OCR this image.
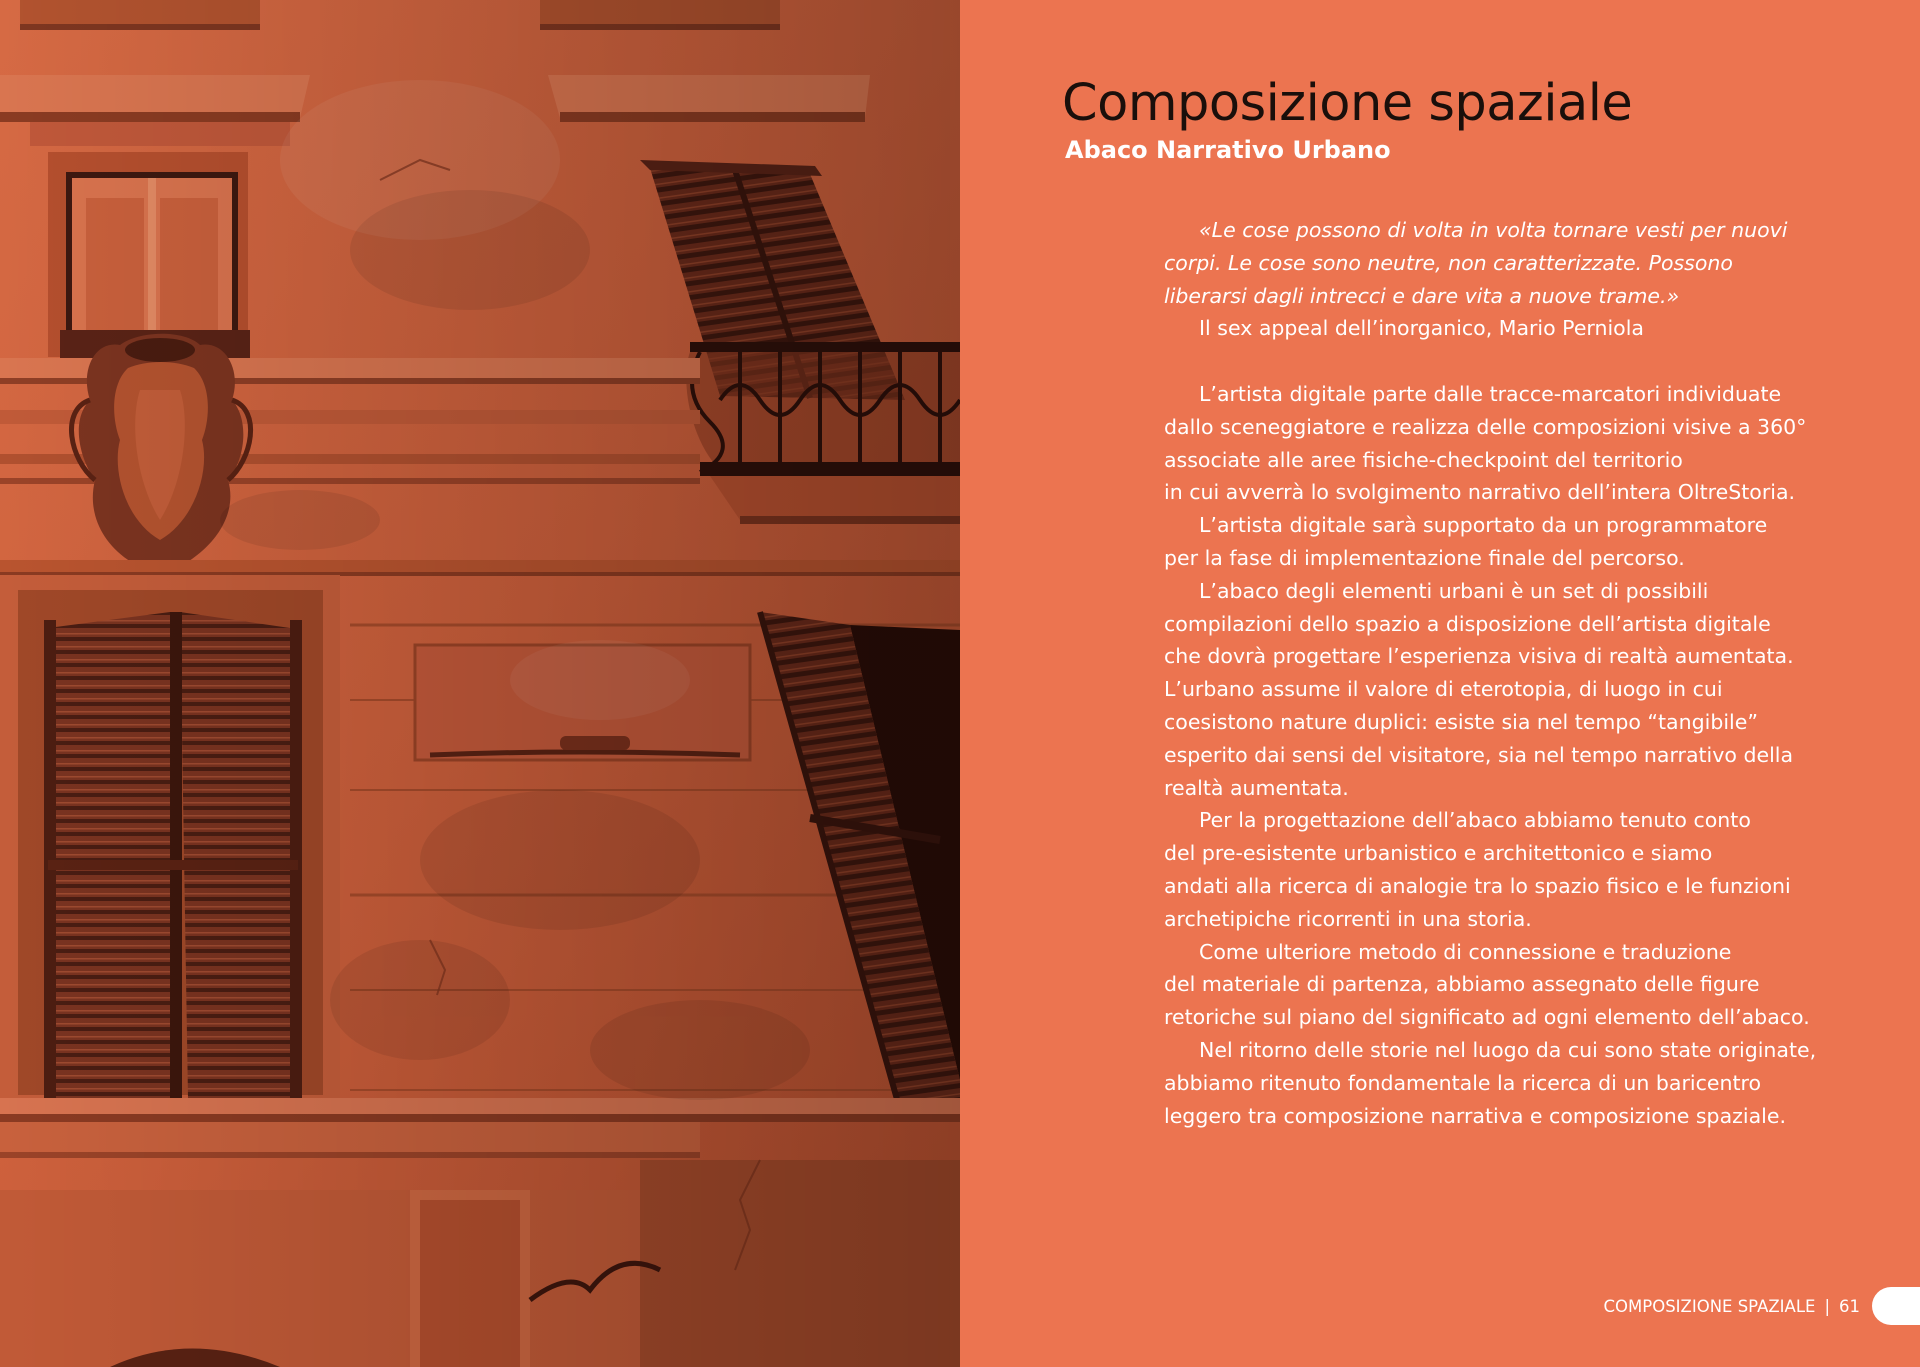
Composizione spaziale
Abaco Narrativo Urbano
«Le cose possono di volta in volta tornare vesti per nuovi
corpi. Le cose sono neutre, non caratterizzate. Possono
liberarsi dagli intrecci e dare vita a nuove trame.»
Il sex appeal dell’inorganico, Mario Perniola
L’artista digitale parte dalle tracce-marcatori individuate
dallo sceneggiatore e realizza delle composizioni visive a 360°
associate alle aree fisiche-checkpoint del territorio
in cui avverrà lo svolgimento narrativo dell’intera OltreStoria.
L’artista digitale sarà supportato da un programmatore
per la fase di implementazione finale del percorso.
L’abaco degli elementi urbani è un set di possibili
compilazioni dello spazio a disposizione dell’artista digitale
che dovrà progettare l’esperienza visiva di realtà aumentata.
L’urbano assume il valore di eterotopia, di luogo in cui
coesistono nature duplici: esiste sia nel tempo “tangibile”
esperito dai sensi del visitatore, sia nel tempo narrativo della
realtà aumentata.
Per la progettazione dell’abaco abbiamo tenuto conto
del pre-esistente urbanistico e architettonico e siamo
andati alla ricerca di analogie tra lo spazio fisico e le funzioni
archetipiche ricorrenti in una storia.
Come ulteriore metodo di connessione e traduzione
del materiale di partenza, abbiamo assegnato delle figure
retoriche sul piano del significato ad ogni elemento dell’abaco.
Nel ritorno delle storie nel luogo da cui sono state originate,
abbiamo ritenuto fondamentale la ricerca di un baricentro
leggero tra composizione narrativa e composizione spaziale.
COMPOSIZIONE SPAZIALE | 61
